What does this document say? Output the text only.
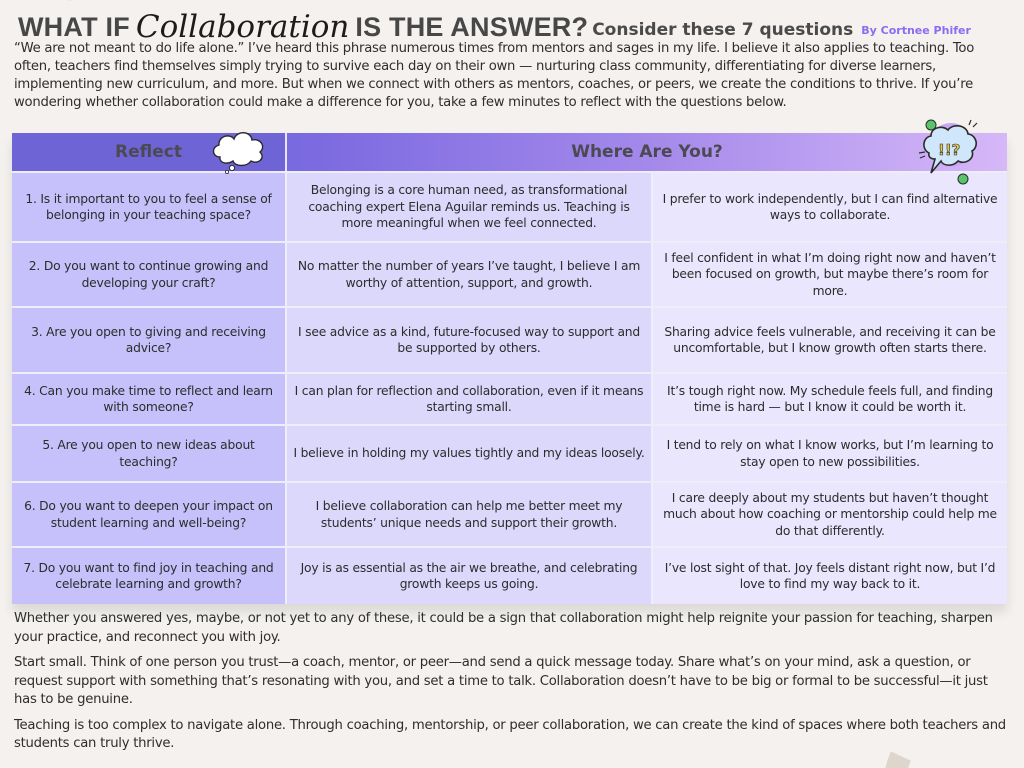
WHAT IF Collaboration IS THE ANSWER? Consider these 7 questions By Cortnee Phifer

“We are not meant to do life alone.” I’ve heard this phrase numerous times from mentors and sages in my life. I believe it also applies to teaching. Too often, teachers find themselves simply trying to survive each day on their own — nurturing class community, differentiating for diverse learners, implementing new curriculum, and more. But when we connect with others as mentors, coaches, or peers, we create the conditions to thrive. If you’re wondering whether collaboration could make a difference for you, take a few minutes to reflect with the questions below.

Reflect	Where Are You?	!!?
1. Is it important to you to feel a sense of belonging in your teaching space?
Belonging is a core human need, as transformational coaching expert Elena Aguilar reminds us. Teaching is more meaningful when we feel connected.
I prefer to work independently, but I can find alternative ways to collaborate.
2. Do you want to continue growing and developing your craft?
No matter the number of years I’ve taught, I believe I am worthy of attention, support, and growth.
I feel confident in what I’m doing right now and haven’t been focused on growth, but maybe there’s room for more.
3. Are you open to giving and receiving advice?
I see advice as a kind, future-focused way to support and be supported by others.
Sharing advice feels vulnerable, and receiving it can be uncomfortable, but I know growth often starts there.
4. Can you make time to reflect and learn with someone?
I can plan for reflection and collaboration, even if it means starting small.
It’s tough right now. My schedule feels full, and finding time is hard — but I know it could be worth it.
5. Are you open to new ideas about teaching?
I believe in holding my values tightly and my ideas loosely.
I tend to rely on what I know works, but I’m learning to stay open to new possibilities.
6. Do you want to deepen your impact on student learning and well-being?
I believe collaboration can help me better meet my students’ unique needs and support their growth.
I care deeply about my students but haven’t thought much about how coaching or mentorship could help me do that differently.
7. Do you want to find joy in teaching and celebrate learning and growth?
Joy is as essential as the air we breathe, and celebrating growth keeps us going.
I’ve lost sight of that. Joy feels distant right now, but I’d love to find my way back to it.

Whether you answered yes, maybe, or not yet to any of these, it could be a sign that collaboration might help reignite your passion for teaching, sharpen your practice, and reconnect you with joy.

Start small. Think of one person you trust—a coach, mentor, or peer—and send a quick message today. Share what’s on your mind, ask a question, or request support with something that’s resonating with you, and set a time to talk. Collaboration doesn’t have to be big or formal to be successful—it just has to be genuine.

Teaching is too complex to navigate alone. Through coaching, mentorship, or peer collaboration, we can create the kind of spaces where both teachers and students can truly thrive.
